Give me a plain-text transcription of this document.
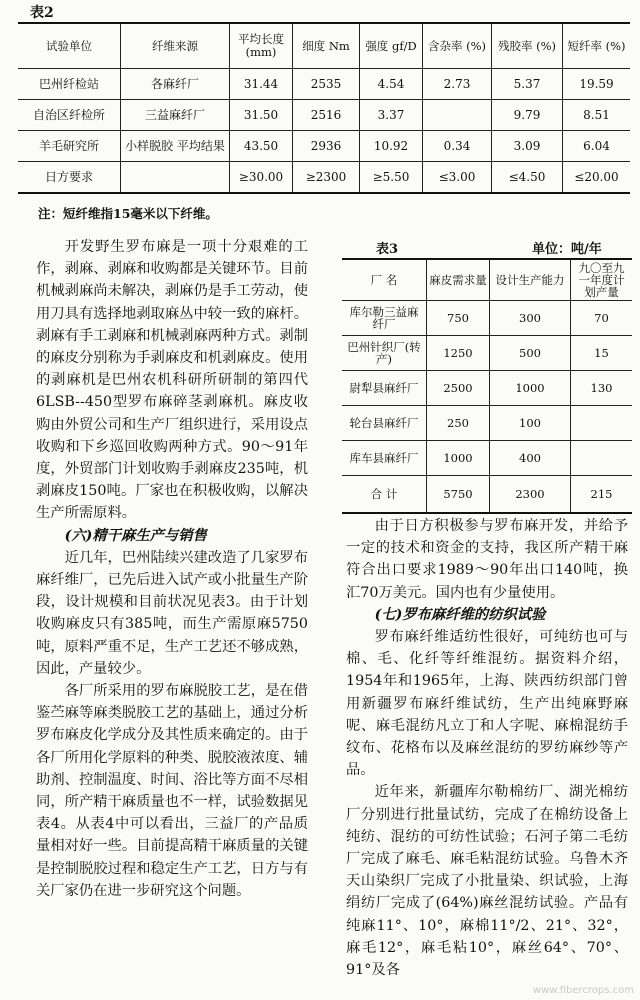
表2
试验单位	纤维来源	平均长度 (mm)	细度 Nm	强度 gf/D	含杂率 (%)	残胶率 (%)	短纤率 (%)
巴州纤检站	各麻纤厂	31.44	2535	4.54	2.73	5.37	19.59
自治区纤检所	三益麻纤厂	31.50	2516	3.37		9.79	8.51
羊毛研究所	小样脱胶 平均结果	43.50	2936	10.92	0.34	3.09	6.04
日方要求		≥30.00	≥2300	≥5.50	≤3.00	≤4.50	≤20.00
注：短纤维指15毫米以下纤维。

开发野生罗布麻是一项十分艰难的工作，剥麻、剥麻和收购都是关键环节。目前机械剥麻尚未解决，剥麻仍是手工劳动，使用刀具有选择地剥取麻丛中较一致的麻杆。剥麻有手工剥麻和机械剥麻两种方式。剥制的麻皮分别称为手剥麻皮和机剥麻皮。使用的剥麻机是巴州农机科研所研制的第四代6LSB--450型罗布麻碎茎剥麻机。麻皮收购由外贸公司和生产厂组织进行，采用设点收购和下乡巡回收购两种方式。90～91年度，外贸部门计划收购手剥麻皮235吨，机剥麻皮150吨。厂家也在积极收购，以解决生产所需原料。

(六)精干麻生产与销售

近几年，巴州陆续兴建改造了几家罗布麻纤维厂，已先后进入试产或小批量生产阶段，设计规模和目前状况见表3。由于计划收购麻皮只有385吨，而生产需原麻5750吨，原料严重不足，生产工艺还不够成熟，因此，产量较少。

各厂所采用的罗布麻脱胶工艺，是在借鉴苎麻等麻类脱胶工艺的基础上，通过分析罗布麻皮化学成分及其性质来确定的。由于各厂所用化学原料的种类、脱胶液浓度、辅助剂、控制温度、时间、浴比等方面不尽相同，所产精干麻质量也不一样，试验数据见表4。从表4中可以看出，三益厂的产品质量相对好一些。目前提高精干麻质量的关键是控制脱胶过程和稳定生产工艺，日方与有关厂家仍在进一步研究这个问题。

表3	单位：吨/年
厂 名	麻皮需求量	设计生产能力	九〇至九一年度计划产量
库尔勒三益麻纤厂	750	300	70
巴州针织厂(转产)	1250	500	15
尉犁县麻纤厂	2500	1000	130
轮台县麻纤厂	250	100	
库车县麻纤厂	1000	400	
合 计	5750	2300	215

由于日方积极参与罗布麻开发，并给予一定的技术和资金的支持，我区所产精干麻符合出口要求1989～90年出口140吨，换汇70万美元。国内也有少量使用。

(七)罗布麻纤维的纺织试验

罗布麻纤维适纺性很好，可纯纺也可与棉、毛、化纤等纤维混纺。据资料介绍，1954年和1965年，上海、陕西纺织部门曾用新疆罗布麻纤维试纺，生产出纯麻野麻呢、麻毛混纺凡立丁和人字呢、麻棉混纺手纹布、花格布以及麻丝混纺的罗纺麻纱等产品。

近年来，新疆库尔勒棉纺厂、湖光棉纺厂分别进行批量试纺，完成了在棉纺设备上纯纺、混纺的可纺性试验；石河子第二毛纺厂完成了麻毛、麻毛粘混纺试验。乌鲁木齐天山染织厂完成了小批量染、织试验，上海绢纺厂完成了(64%)麻丝混纺试验。产品有纯麻11°、10°，麻棉11°/2、21°、32°，麻毛12°，麻毛粘10°，麻丝64°、70°、91°及各

www.fibercrops.com
